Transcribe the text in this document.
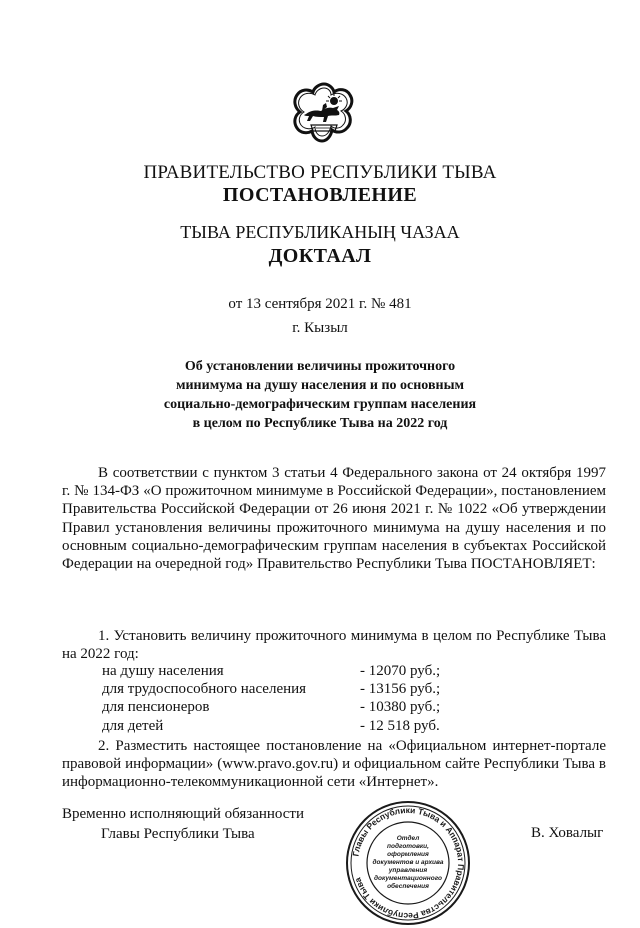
ПРАВИТЕЛЬСТВО РЕСПУБЛИКИ ТЫВА
ПОСТАНОВЛЕНИЕ
ТЫВА РЕСПУБЛИКАНЫҢ ЧАЗАА
ДОКТААЛ
от 13 сентября 2021 г. № 481
г. Кызыл
Об установлении величины прожиточного
минимума на душу населения и по основным
социально-демографическим группам населения
в целом по Республике Тыва на 2022 год
В соответствии с пунктом 3 статьи 4 Федерального закона от 24 октября 1997 г. № 134-ФЗ «О прожиточном минимуме в Российской Федерации», постановлением Правительства Российской Федерации от 26 июня 2021 г. № 1022 «Об утверждении Правил установления величины прожиточного минимума на душу населения и по основным социально-демографическим группам населения в субъектах Российской Федерации на очередной год» Правительство Республики Тыва ПОСТАНОВЛЯЕТ:
1. Установить величину прожиточного минимума в целом по Республике Тыва на 2022 год:
на душу населения	- 12070 руб.;
для трудоспособного населения	- 13156 руб.;
для пенсионеров	- 10380 руб.;
для детей	- 12 518 руб.
2. Разместить настоящее постановление на «Официальном интернет-портале правовой информации» (www.pravo.gov.ru) и официальном сайте Республики Тыва в информационно-телекоммуникационной сети «Интернет».
Временно исполняющий обязанности
Главы Республики Тыва	В. Ховалыг
Главы Республики Тыва и Аппарат Правительства Республики Тыва
Отдел
подготовки,
оформления
документов и архива
управления
документационного
обеспечения
